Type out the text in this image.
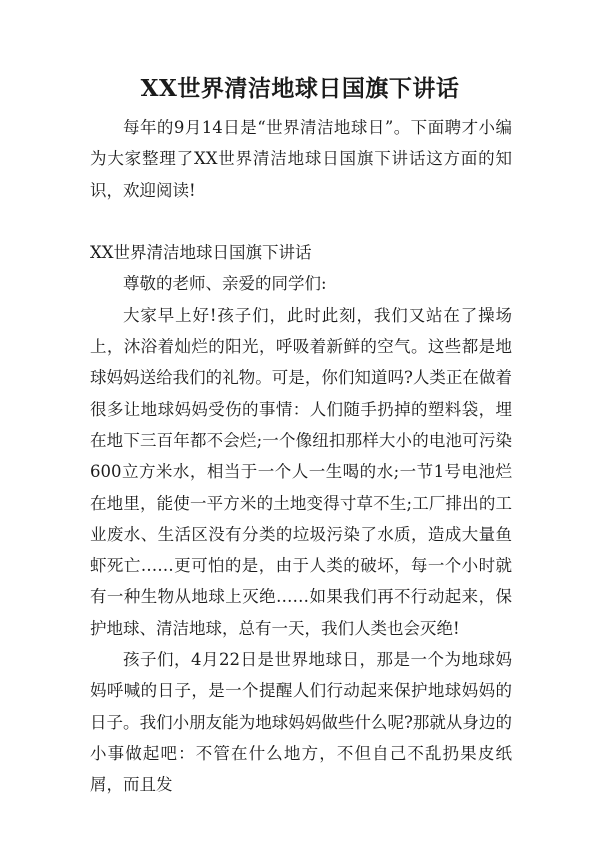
XX世界清洁地球日国旗下讲话

每年的9月14日是“世界清洁地球日”。下面聘才小编为大家整理了XX世界清洁地球日国旗下讲话这方面的知识，欢迎阅读!

XX世界清洁地球日国旗下讲话

尊敬的老师、亲爱的同学们:

大家早上好!孩子们，此时此刻，我们又站在了操场上，沐浴着灿烂的阳光，呼吸着新鲜的空气。这些都是地球妈妈送给我们的礼物。可是，你们知道吗?人类正在做着很多让地球妈妈受伤的事情：人们随手扔掉的塑料袋，埋在地下三百年都不会烂;一个像纽扣那样大小的电池可污染600立方米水，相当于一个人一生喝的水;一节1号电池烂在地里，能使一平方米的土地变得寸草不生;工厂排出的工业废水、生活区没有分类的垃圾污染了水质，造成大量鱼虾死亡……更可怕的是，由于人类的破坏，每一个小时就有一种生物从地球上灭绝……如果我们再不行动起来，保护地球、清洁地球，总有一天，我们人类也会灭绝!

孩子们，4月22日是世界地球日，那是一个为地球妈妈呼喊的日子，是一个提醒人们行动起来保护地球妈妈的日子。我们小朋友能为地球妈妈做些什么呢?那就从身边的小事做起吧：不管在什么地方，不但自己不乱扔果皮纸屑，而且发
